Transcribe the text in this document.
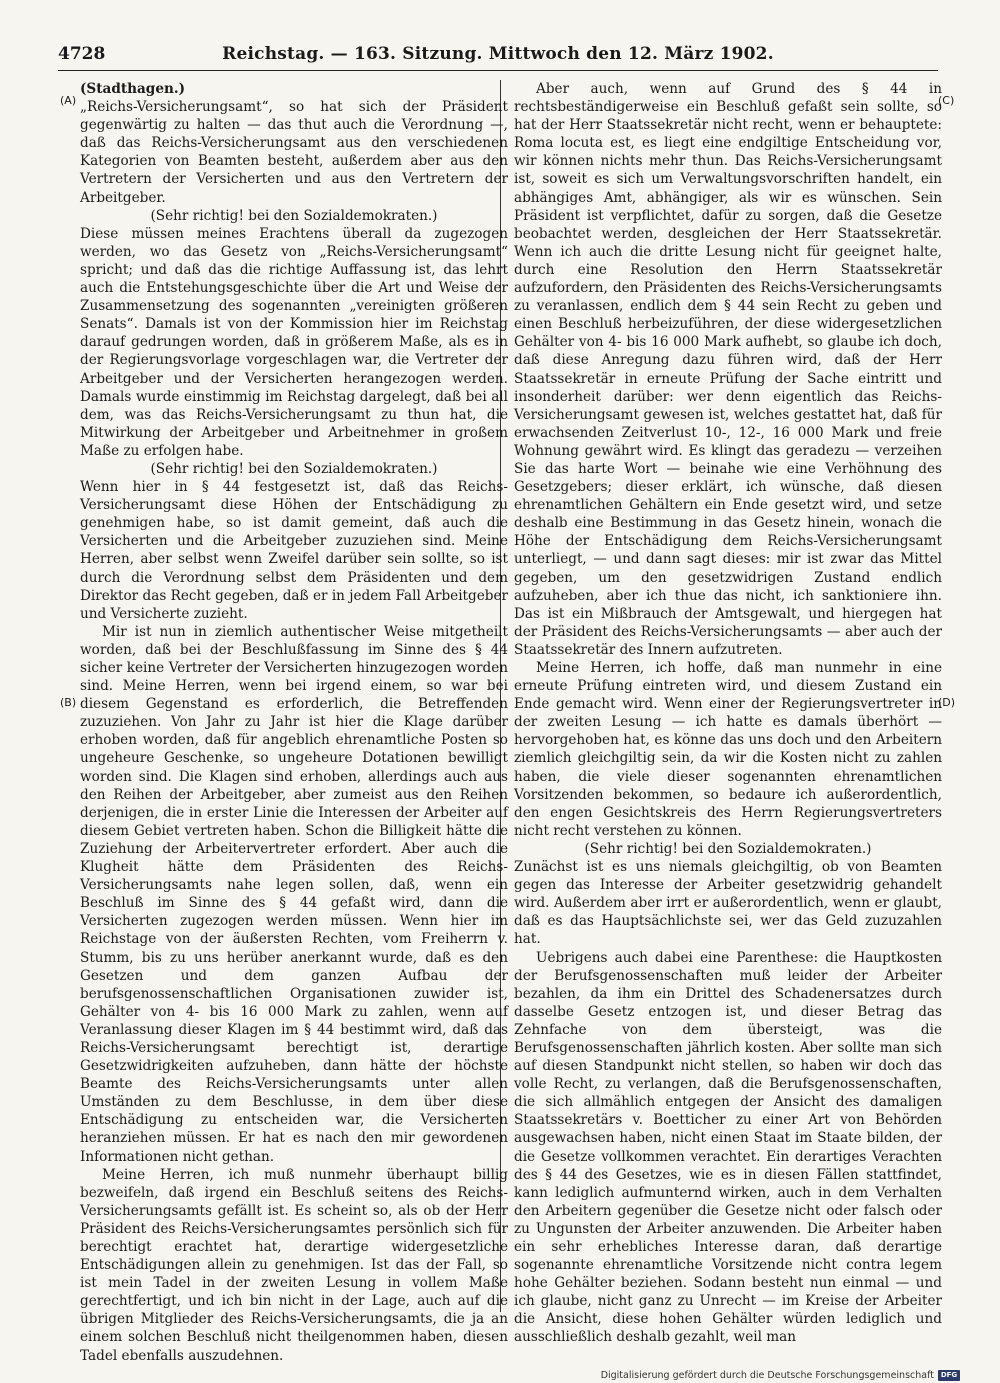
4728	Reichstag. — 163. Sitzung. Mittwoch den 12. März 1902.
(A)
(B)
(C)
(D)

(Stadthagen.)

„Reichs-Versicherungsamt“, so hat sich der Präsident gegenwärtig zu halten — das thut auch die Verordnung —, daß das Reichs-Versicherungsamt aus den verschiedenen Kategorien von Beamten besteht, außerdem aber aus den Vertretern der Versicherten und aus den Vertretern der Arbeitgeber.

(Sehr richtig! bei den Sozialdemokraten.)

Diese müssen meines Erachtens überall da zugezogen werden, wo das Gesetz von „Reichs-Versicherungsamt“ spricht; und daß das die richtige Auffassung ist, das lehrt auch die Entstehungsgeschichte über die Art und Weise der Zusammensetzung des sogenannten „vereinigten größeren Senats“. Damals ist von der Kommission hier im Reichstag darauf gedrungen worden, daß in größerem Maße, als es in der Regierungsvorlage vorgeschlagen war, die Vertreter der Arbeitgeber und der Versicherten herangezogen werden. Damals wurde einstimmig im Reichstag dargelegt, daß bei all dem, was das Reichs-Versicherungsamt zu thun hat, die Mitwirkung der Arbeitgeber und Arbeitnehmer in großem Maße zu erfolgen habe.

(Sehr richtig! bei den Sozialdemokraten.)

Wenn hier in § 44 festgesetzt ist, daß das Reichs-Versicherungsamt diese Höhen der Entschädigung zu genehmigen habe, so ist damit gemeint, daß auch die Versicherten und die Arbeitgeber zuzuziehen sind. Meine Herren, aber selbst wenn Zweifel darüber sein sollte, so ist durch die Verordnung selbst dem Präsidenten und dem Direktor das Recht gegeben, daß er in jedem Fall Arbeitgeber und Versicherte zuzieht.

Mir ist nun in ziemlich authentischer Weise mitgetheilt worden, daß bei der Beschlußfassung im Sinne des § 44 sicher keine Vertreter der Versicherten hinzugezogen worden sind. Meine Herren, wenn bei irgend einem, so war bei diesem Gegenstand es erforderlich, die Betreffenden zuzuziehen. Von Jahr zu Jahr ist hier die Klage darüber erhoben worden, daß für angeblich ehrenamtliche Posten so ungeheure Geschenke, so ungeheure Dotationen bewilligt worden sind. Die Klagen sind erhoben, allerdings auch aus den Reihen der Arbeitgeber, aber zumeist aus den Reihen derjenigen, die in erster Linie die Interessen der Arbeiter auf diesem Gebiet vertreten haben. Schon die Billigkeit hätte die Zuziehung der Arbeitervertreter erfordert. Aber auch die Klugheit hätte dem Präsidenten des Reichs-Versicherungsamts nahe legen sollen, daß, wenn ein Beschluß im Sinne des § 44 gefaßt wird, dann die Versicherten zugezogen werden müssen. Wenn hier im Reichstage von der äußersten Rechten, vom Freiherrn v. Stumm, bis zu uns herüber anerkannt wurde, daß es den Gesetzen und dem ganzen Aufbau der berufsgenossenschaftlichen Organisationen zuwider ist, Gehälter von 4- bis 16 000 Mark zu zahlen, wenn auf Veranlassung dieser Klagen im § 44 bestimmt wird, daß das Reichs-Versicherungsamt berechtigt ist, derartige Gesetzwidrigkeiten aufzuheben, dann hätte der höchste Beamte des Reichs-Versicherungsamts unter allen Umständen zu dem Beschlusse, in dem über diese Entschädigung zu entscheiden war, die Versicherten heranziehen müssen. Er hat es nach den mir gewordenen Informationen nicht gethan.

Meine Herren, ich muß nunmehr überhaupt billig bezweifeln, daß irgend ein Beschluß seitens des Reichs-Versicherungsamts gefällt ist. Es scheint so, als ob der Herr Präsident des Reichs-Versicherungsamtes persönlich sich für berechtigt erachtet hat, derartige widergesetzliche Entschädigungen allein zu genehmigen. Ist das der Fall, so ist mein Tadel in der zweiten Lesung in vollem Maße gerechtfertigt, und ich bin nicht in der Lage, auch auf die übrigen Mitglieder des Reichs-Versicherungsamts, die ja an einem solchen Beschluß nicht theilgenommen haben, diesen Tadel ebenfalls auszudehnen.

Aber auch, wenn auf Grund des § 44 in rechtsbeständigerweise ein Beschluß gefaßt sein sollte, so hat der Herr Staatssekretär nicht recht, wenn er behauptete: Roma locuta est, es liegt eine endgiltige Entscheidung vor, wir können nichts mehr thun. Das Reichs-Versicherungsamt ist, soweit es sich um Verwaltungsvorschriften handelt, ein abhängiges Amt, abhängiger, als wir es wünschen. Sein Präsident ist verpflichtet, dafür zu sorgen, daß die Gesetze beobachtet werden, desgleichen der Herr Staatssekretär. Wenn ich auch die dritte Lesung nicht für geeignet halte, durch eine Resolution den Herrn Staatssekretär aufzufordern, den Präsidenten des Reichs-Versicherungsamts zu veranlassen, endlich dem § 44 sein Recht zu geben und einen Beschluß herbeizuführen, der diese widergesetzlichen Gehälter von 4- bis 16 000 Mark aufhebt, so glaube ich doch, daß diese Anregung dazu führen wird, daß der Herr Staatssekretär in erneute Prüfung der Sache eintritt und insonderheit darüber: wer denn eigentlich das Reichs-Versicherungsamt gewesen ist, welches gestattet hat, daß für erwachsenden Zeitverlust 10-, 12-, 16 000 Mark und freie Wohnung gewährt wird. Es klingt das geradezu — verzeihen Sie das harte Wort — beinahe wie eine Verhöhnung des Gesetzgebers; dieser erklärt, ich wünsche, daß diesen ehrenamtlichen Gehältern ein Ende gesetzt wird, und setze deshalb eine Bestimmung in das Gesetz hinein, wonach die Höhe der Entschädigung dem Reichs-Versicherungsamt unterliegt, — und dann sagt dieses: mir ist zwar das Mittel gegeben, um den gesetzwidrigen Zustand endlich aufzuheben, aber ich thue das nicht, ich sanktioniere ihn. Das ist ein Mißbrauch der Amtsgewalt, und hiergegen hat der Präsident des Reichs-Versicherungsamts — aber auch der Staatssekretär des Innern aufzutreten.

Meine Herren, ich hoffe, daß man nunmehr in eine erneute Prüfung eintreten wird, und diesem Zustand ein Ende gemacht wird. Wenn einer der Regierungsvertreter in der zweiten Lesung — ich hatte es damals überhört — hervorgehoben hat, es könne das uns doch und den Arbeitern ziemlich gleichgiltig sein, da wir die Kosten nicht zu zahlen haben, die viele dieser sogenannten ehrenamtlichen Vorsitzenden bekommen, so bedaure ich außerordentlich, den engen Gesichtskreis des Herrn Regierungsvertreters nicht recht verstehen zu können.

(Sehr richtig! bei den Sozialdemokraten.)

Zunächst ist es uns niemals gleichgiltig, ob von Beamten gegen das Interesse der Arbeiter gesetzwidrig gehandelt wird. Außerdem aber irrt er außerordentlich, wenn er glaubt, daß es das Hauptsächlichste sei, wer das Geld zuzuzahlen hat.

Uebrigens auch dabei eine Parenthese: die Hauptkosten der Berufsgenossenschaften muß leider der Arbeiter bezahlen, da ihm ein Drittel des Schadenersatzes durch dasselbe Gesetz entzogen ist, und dieser Betrag das Zehnfache von dem übersteigt, was die Berufsgenossenschaften jährlich kosten. Aber sollte man sich auf diesen Standpunkt nicht stellen, so haben wir doch das volle Recht, zu verlangen, daß die Berufsgenossenschaften, die sich allmählich entgegen der Ansicht des damaligen Staatssekretärs v. Boetticher zu einer Art von Behörden ausgewachsen haben, nicht einen Staat im Staate bilden, der die Gesetze vollkommen verachtet. Ein derartiges Verachten des § 44 des Gesetzes, wie es in diesen Fällen stattfindet, kann lediglich aufmunternd wirken, auch in dem Verhalten den Arbeitern gegenüber die Gesetze nicht oder falsch oder zu Ungunsten der Arbeiter anzuwenden. Die Arbeiter haben ein sehr erhebliches Interesse daran, daß derartige sogenannte ehrenamtliche Vorsitzende nicht contra legem hohe Gehälter beziehen. Sodann besteht nun einmal — und ich glaube, nicht ganz zu Unrecht — im Kreise der Arbeiter die Ansicht, diese hohen Gehälter würden lediglich und ausschließlich deshalb gezahlt, weil man

Digitalisierung gefördert durch die Deutsche Forschungsgemeinschaft DFG
